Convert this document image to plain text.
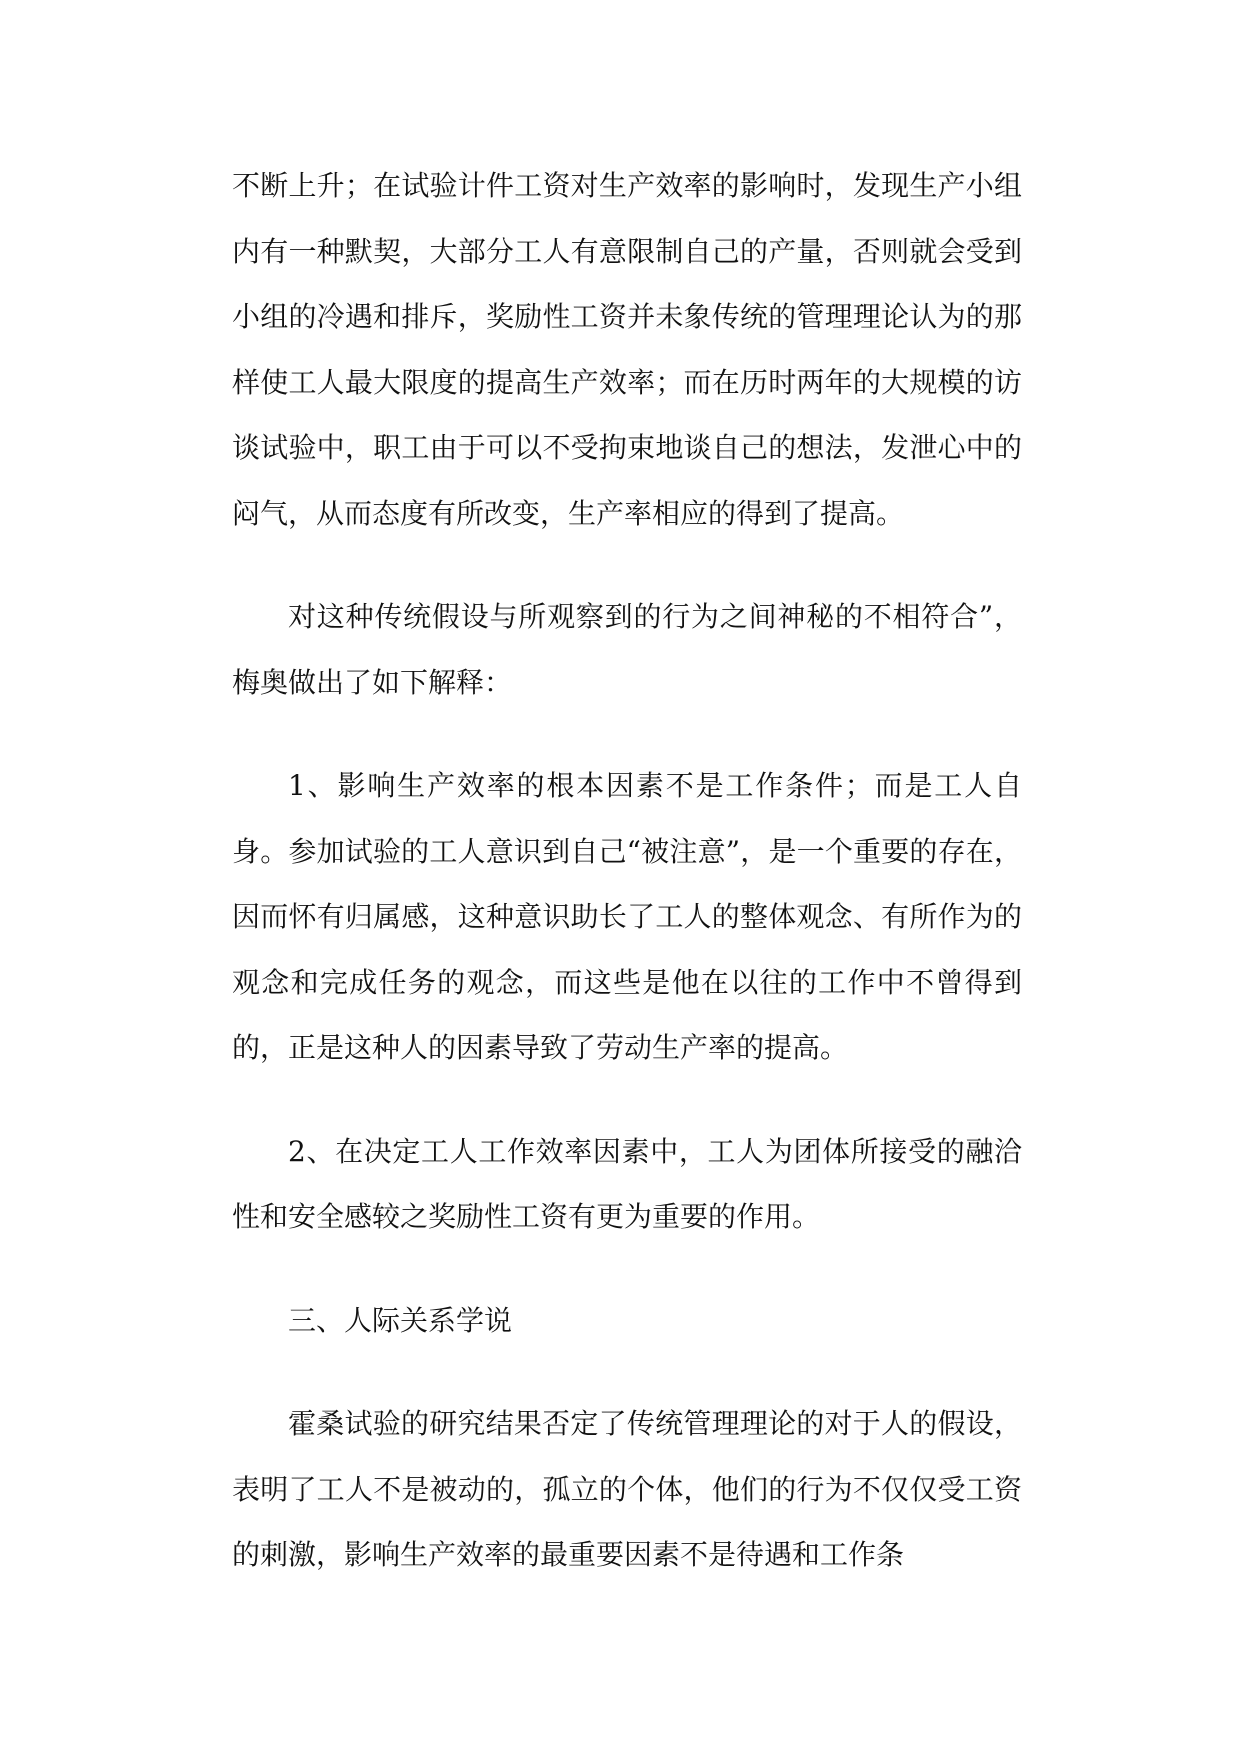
不断上升；在试验计件工资对生产效率的影响时，发现生产小组内有一种默契，大部分工人有意限制自己的产量，否则就会受到小组的冷遇和排斥，奖励性工资并未象传统的管理理论认为的那样使工人最大限度的提高生产效率；而在历时两年的大规模的访谈试验中，职工由于可以不受拘束地谈自己的想法，发泄心中的闷气，从而态度有所改变，生产率相应的得到了提高。

对这种传统假设与所观察到的行为之间神秘的不相符合”，梅奥做出了如下解释：

1、影响生产效率的根本因素不是工作条件；而是工人自身。参加试验的工人意识到自己“被注意”，是一个重要的存在，因而怀有归属感，这种意识助长了工人的整体观念、有所作为的观念和完成任务的观念，而这些是他在以往的工作中不曾得到的，正是这种人的因素导致了劳动生产率的提高。

2、在决定工人工作效率因素中，工人为团体所接受的融洽性和安全感较之奖励性工资有更为重要的作用。

三、人际关系学说

霍桑试验的研究结果否定了传统管理理论的对于人的假设，表明了工人不是被动的，孤立的个体，他们的行为不仅仅受工资的刺激，影响生产效率的最重要因素不是待遇和工作条
